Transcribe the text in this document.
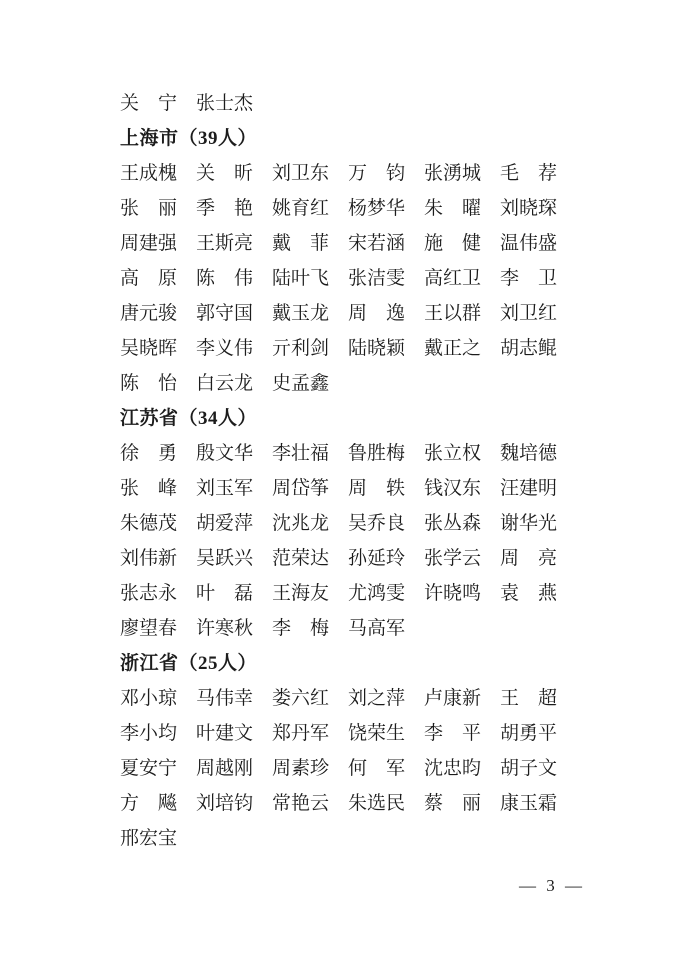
关　宁 张士杰
上海市（39人）
王成槐 关　昕 刘卫东 万　钧 张湧城 毛　荐
张　丽 季　艳 姚育红 杨梦华 朱　曜 刘晓琛
周建强 王斯亮 戴　菲 宋若涵 施　健 温伟盛
高　原 陈　伟 陆叶飞 张洁雯 高红卫 李　卫
唐元骏 郭守国 戴玉龙 周　逸 王以群 刘卫红
吴晓晖 李义伟 亓利剑 陆晓颖 戴正之 胡志鲲
陈　怡 白云龙 史孟鑫
江苏省（34人）
徐　勇 殷文华 李壮福 鲁胜梅 张立权 魏培德
张　峰 刘玉军 周岱筝 周　轶 钱汉东 汪建明
朱德茂 胡爱萍 沈兆龙 吴乔良 张丛森 谢华光
刘伟新 吴跃兴 范荣达 孙延玲 张学云 周　亮
张志永 叶　磊 王海友 尤鸿雯 许晓鸣 袁　燕
廖望春 许寒秋 李　梅 马高军
浙江省（25人）
邓小琼 马伟幸 娄六红 刘之萍 卢康新 王　超
李小均 叶建文 郑丹军 饶荣生 李　平 胡勇平
夏安宁 周越刚 周素珍 何　军 沈忠昀 胡子文
方　飚 刘培钧 常艳云 朱选民 蔡　丽 康玉霜
邢宏宝
— 3 —
